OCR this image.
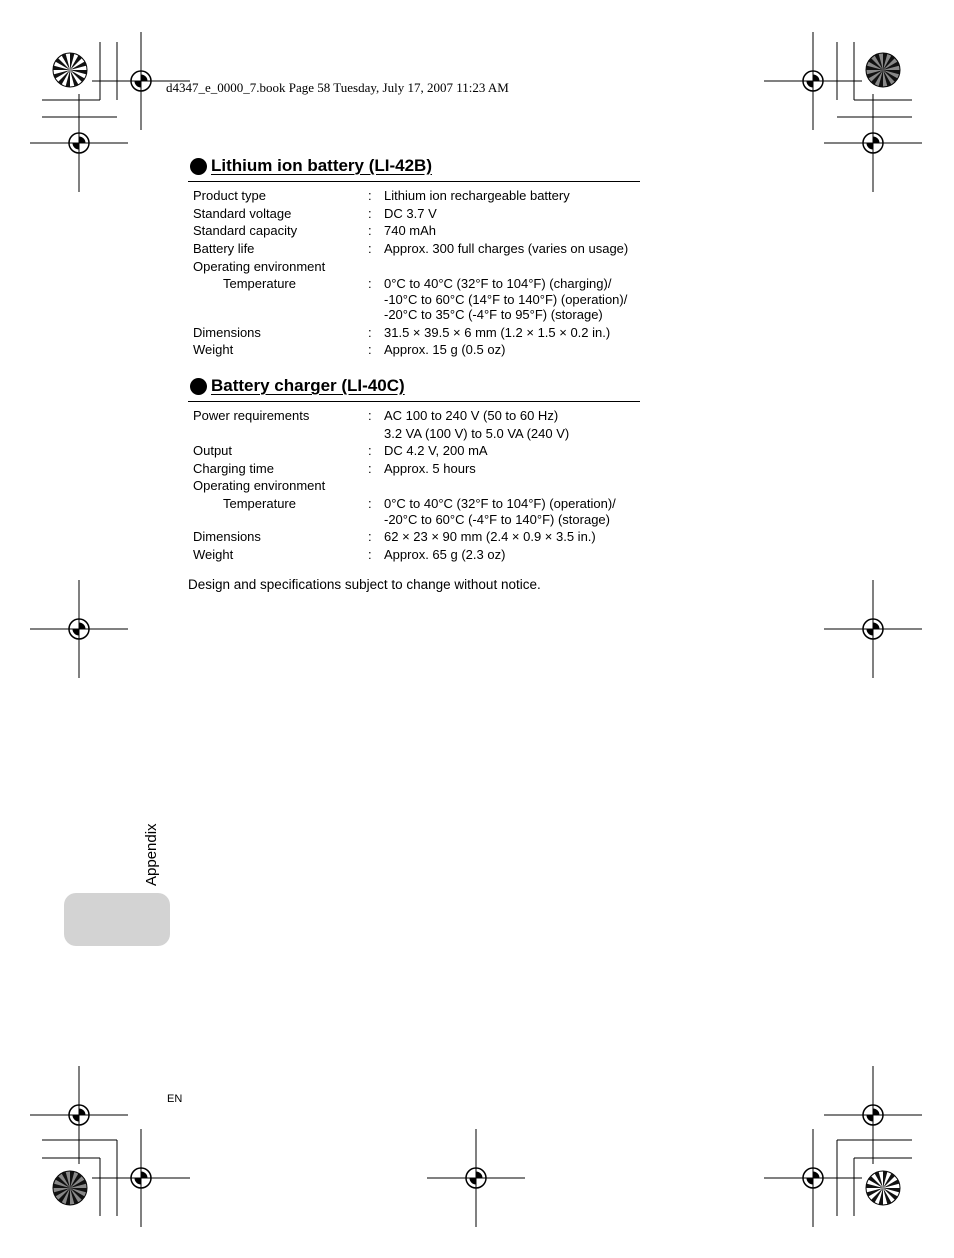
d4347_e_0000_7.book Page 58 Tuesday, July 17, 2007 11:23 AM
Lithium ion battery (LI-42B)
Product type	: Lithium ion rechargeable battery
Standard voltage	: DC 3.7 V
Standard capacity	: 740 mAh
Battery life	: Approx. 300 full charges (varies on usage)
Operating environment
Temperature	: 0°C to 40°C (32°F to 104°F) (charging)/
-10°C to 60°C (14°F to 140°F) (operation)/
-20°C to 35°C (-4°F to 95°F) (storage)
Dimensions	: 31.5 × 39.5 × 6 mm (1.2 × 1.5 × 0.2 in.)
Weight	: Approx. 15 g (0.5 oz)
Battery charger (LI-40C)
Power requirements	: AC 100 to 240 V (50 to 60 Hz)
3.2 VA (100 V) to 5.0 VA (240 V)
Output	: DC 4.2 V, 200 mA
Charging time	: Approx. 5 hours
Operating environment
Temperature	: 0°C to 40°C (32°F to 104°F) (operation)/
-20°C to 60°C (-4°F to 140°F) (storage)
Dimensions	: 62 × 23 × 90 mm (2.4 × 0.9 × 3.5 in.)
Weight	: Approx. 65 g (2.3 oz)
Design and specifications subject to change without notice.
Appendix
EN
